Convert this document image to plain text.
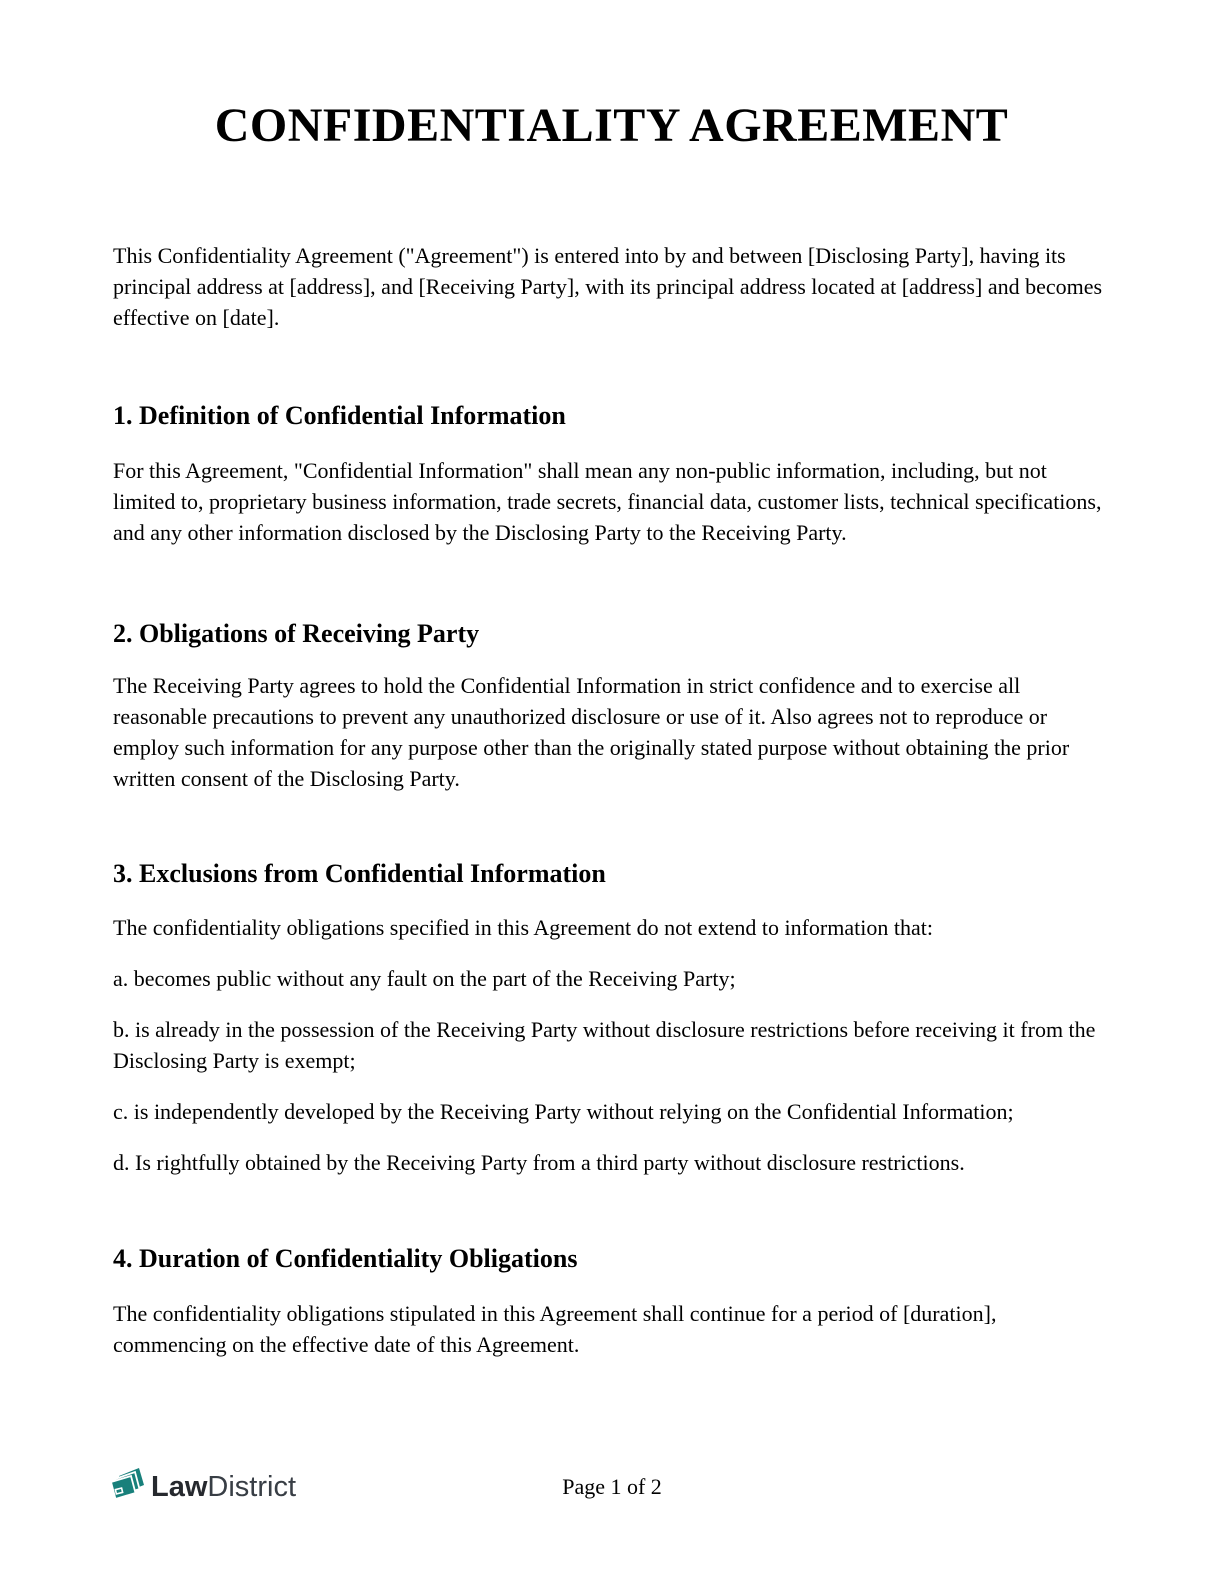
CONFIDENTIALITY AGREEMENT

This Confidentiality Agreement ("Agreement") is entered into by and between [Disclosing Party], having its principal address at [address], and [Receiving Party], with its principal address located at [address] and becomes effective on [date].

1. Definition of Confidential Information

For this Agreement, "Confidential Information" shall mean any non-public information, including, but not limited to, proprietary business information, trade secrets, financial data, customer lists, technical specifications, and any other information disclosed by the Disclosing Party to the Receiving Party.

2. Obligations of Receiving Party

The Receiving Party agrees to hold the Confidential Information in strict confidence and to exercise all reasonable precautions to prevent any unauthorized disclosure or use of it. Also agrees not to reproduce or employ such information for any purpose other than the originally stated purpose without obtaining the prior written consent of the Disclosing Party.

3. Exclusions from Confidential Information

The confidentiality obligations specified in this Agreement do not extend to information that:

a. becomes public without any fault on the part of the Receiving Party;

b. is already in the possession of the Receiving Party without disclosure restrictions before receiving it from the Disclosing Party is exempt;

c. is independently developed by the Receiving Party without relying on the Confidential Information;

d. Is rightfully obtained by the Receiving Party from a third party without disclosure restrictions.

4. Duration of Confidentiality Obligations

The confidentiality obligations stipulated in this Agreement shall continue for a period of [duration], commencing on the effective date of this Agreement.

LawDistrict	Page 1 of 2
